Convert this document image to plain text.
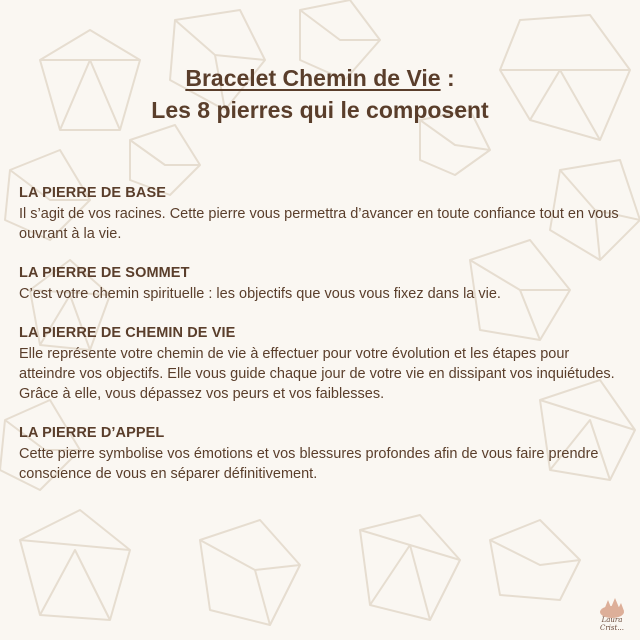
Bracelet Chemin de Vie :
Les 8 pierres qui le composent
LA PIERRE DE BASE

Il s’agit de vos racines. Cette pierre vous permettra d’avancer en toute confiance tout en vous ouvrant à la vie.

LA PIERRE DE SOMMET

C’est votre chemin spirituelle : les objectifs que vous vous fixez dans la vie.

LA PIERRE DE CHEMIN DE VIE

Elle représente votre chemin de vie à effectuer pour votre évolution et les étapes pour atteindre vos objectifs. Elle vous guide chaque jour de votre vie en dissipant vos inquiétudes.

Grâce à elle, vous dépassez vos peurs et vos faiblesses.

LA PIERRE D’APPEL

Cette pierre symbolise vos émotions et vos blessures profondes afin de vous faire prendre conscience de vous en séparer définitivement.

Laura Crist...
